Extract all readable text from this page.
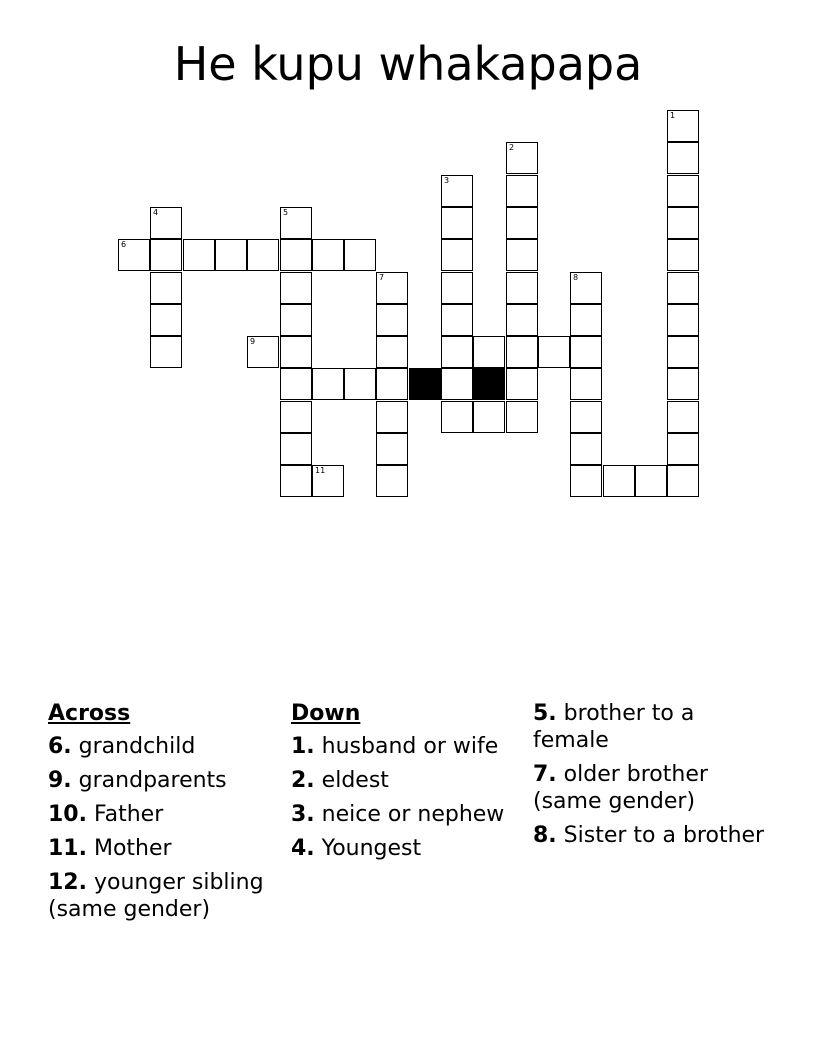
He kupu whakapapa
1
2
3
4	5
6
7	8
9
11
Across
6. grandchild
9. grandparents
10. Father
11. Mother
12. younger sibling (same gender)
Down
1. husband or wife
2. eldest
3. neice or nephew
4. Youngest
5. brother to a female
7. older brother (same gender)
8. Sister to a brother
